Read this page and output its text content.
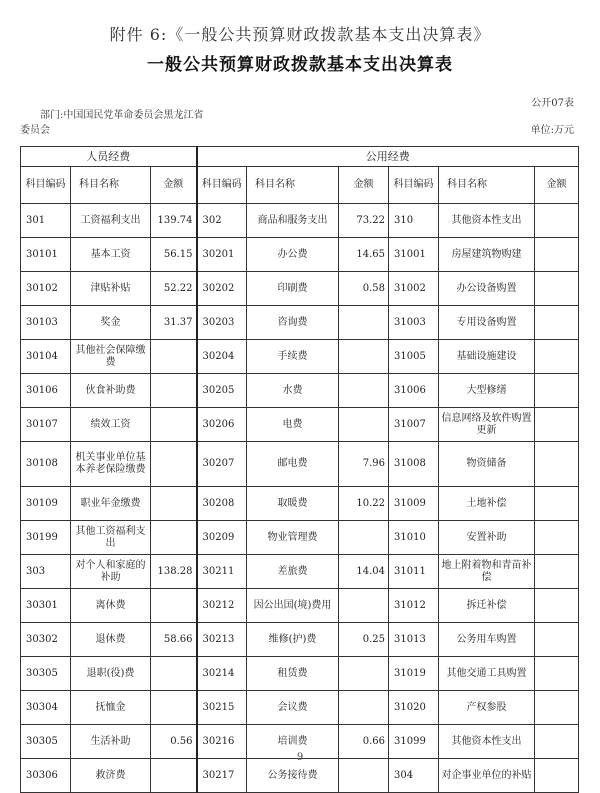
附件 6:《一般公共预算财政拨款基本支出决算表》
一般公共预算财政拨款基本支出决算表
公开07表
部门:中国国民党革命委员会黑龙江省
委员会	单位:万元
人员经费			公用经费					
科目编码	科目名称	金额	科目编码	科目名称	金额	科目编码	科目名称	金额
301	工资福利支出	139.74	302	商品和服务支出	73.22	310	其他资本性支出	
30101	基本工资	56.15	30201	办公费	14.65	31001	房屋建筑物购建	
30102	津贴补贴	52.22	30202	印刷费	0.58	31002	办公设备购置	
30103	奖金	31.37	30203	咨询费		31003	专用设备购置	
30104	其他社会保障缴费		30204	手续费		31005	基础设施建设	
30106	伙食补助费		30205	水费		31006	大型修缮	
30107	绩效工资		30206	电费		31007	信息网络及软件购置更新	
30108	机关事业单位基本养老保险缴费		30207	邮电费	7.96	31008	物资储备	
30109	职业年金缴费		30208	取暖费	10.22	31009	土地补偿	
30199	其他工资福利支出		30209	物业管理费		31010	安置补助	
303	对个人和家庭的补助	138.28	30211	差旅费	14.04	31011	地上附着物和青苗补偿	
30301	离休费		30212	因公出国(境)费用		31012	拆迁补偿	
30302	退休费	58.66	30213	维修(护)费	0.25	31013	公务用车购置	
30305	退职(役)费		30214	租赁费		31019	其他交通工具购置	
30304	抚恤金		30215	会议费		31020	产权参股	
30305	生活补助	0.56	30216	培训费	0.66	31099	其他资本性支出	
30306	救济费		30217	公务接待费		304	对企事业单位的补贴	
9
